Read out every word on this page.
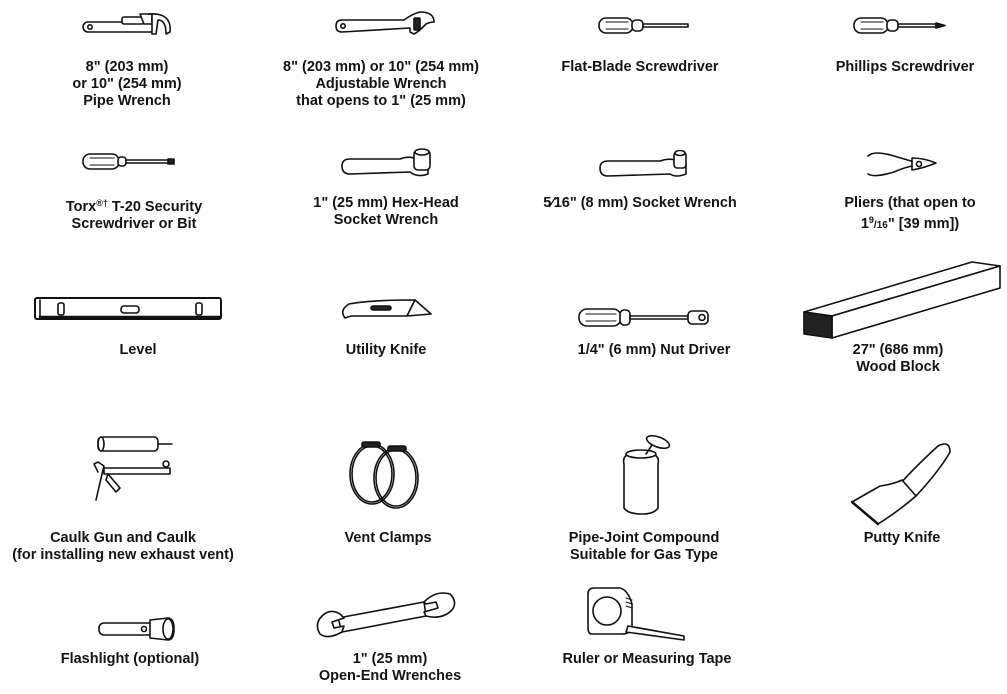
8" (203 mm)
or 10" (254 mm)
Pipe Wrench
8" (203 mm) or 10" (254 mm)
Adjustable Wrench
that opens to 1" (25 mm)
Flat-Blade Screwdriver	Phillips Screwdriver
Torx®† T-20 Security
Screwdriver or Bit
1" (25 mm) Hex-Head
Socket Wrench
5⁄16" (8 mm) Socket Wrench	Pliers (that open to
$1^9/16$" [39 mm])
Level	Utility Knife	1/4" (6 mm) Nut Driver	27" (686 mm)
Wood Block
Caulk Gun and Caulk
(for installing new exhaust vent)
Vent Clamps	Pipe-Joint Compound
Suitable for Gas Type
Putty Knife
Flashlight (optional)	1" (25 mm)
Open-End Wrenches
Ruler or Measuring Tape
